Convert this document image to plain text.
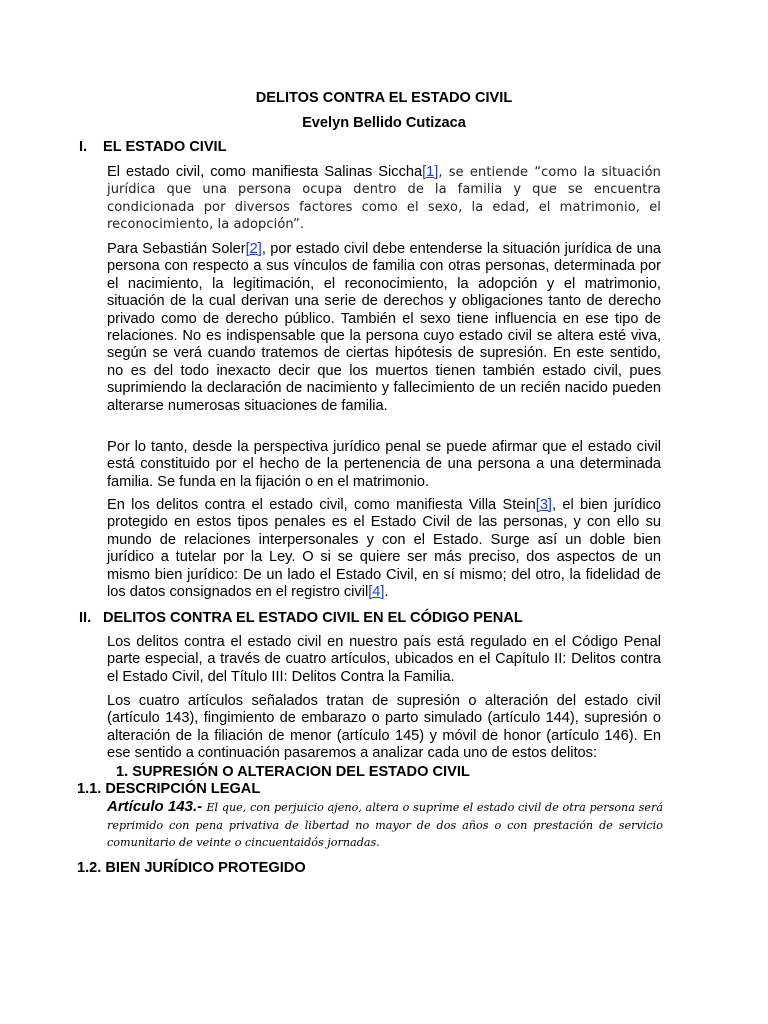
DELITOS CONTRA EL ESTADO CIVIL
Evelyn Bellido Cutizaca
I. EL ESTADO CIVIL
El estado civil, como manifiesta Salinas Siccha[1], se entiende “como la situación jurídica que una persona ocupa dentro de la familia y que se encuentra condicionada por diversos factores como el sexo, la edad, el matrimonio, el reconocimiento, la adopción”.
Para Sebastián Soler[2], por estado civil debe entenderse la situación jurídica de una persona con respecto a sus vínculos de familia con otras personas, determinada por el nacimiento, la legitimación, el reconocimiento, la adopción y el matrimonio, situación de la cual derivan una serie de derechos y obligaciones tanto de derecho privado como de derecho público. También el sexo tiene influencia en ese tipo de relaciones. No es indispensable que la persona cuyo estado civil se altera esté viva, según se verá cuando tratemos de ciertas hipótesis de supresión. En este sentido, no es del todo inexacto decir que los muertos tienen también estado civil, pues suprimiendo la declaración de nacimiento y fallecimiento de un recién nacido pueden alterarse numerosas situaciones de familia.
Por lo tanto, desde la perspectiva jurídico penal se puede afirmar que el estado civil está constituido por el hecho de la pertenencia de una persona a una determinada familia. Se funda en la fijación o en el matrimonio.
En los delitos contra el estado civil, como manifiesta Villa Stein[3], el bien jurídico protegido en estos tipos penales es el Estado Civil de las personas, y con ello su mundo de relaciones interpersonales y con el Estado. Surge así un doble bien jurídico a tutelar por la Ley. O si se quiere ser más preciso, dos aspectos de un mismo bien jurídico: De un lado el Estado Civil, en sí mismo; del otro, la fidelidad de los datos consignados en el registro civil[4].
II. DELITOS CONTRA EL ESTADO CIVIL EN EL CÓDIGO PENAL
Los delitos contra el estado civil en nuestro país está regulado en el Código Penal parte especial, a través de cuatro artículos, ubicados en el Capítulo II: Delitos contra el Estado Civil, del Título III: Delitos Contra la Familia.
Los cuatro artículos señalados tratan de supresión o alteración del estado civil (artículo 143), fingimiento de embarazo o parto simulado (artículo 144), supresión o alteración de la filiación de menor (artículo 145) y móvil de honor (artículo 146). En ese sentido a continuación pasaremos a analizar cada uno de estos delitos:
1. SUPRESIÓN O ALTERACION DEL ESTADO CIVIL
1.1. DESCRIPCIÓN LEGAL
Artículo 143.- El que, con perjuicio ajeno, altera o suprime el estado civil de otra persona será reprimido con pena privativa de libertad no mayor de dos años o con prestación de servicio comunitario de veinte o cincuentaidós jornadas.
1.2. BIEN JURÍDICO PROTEGIDO
